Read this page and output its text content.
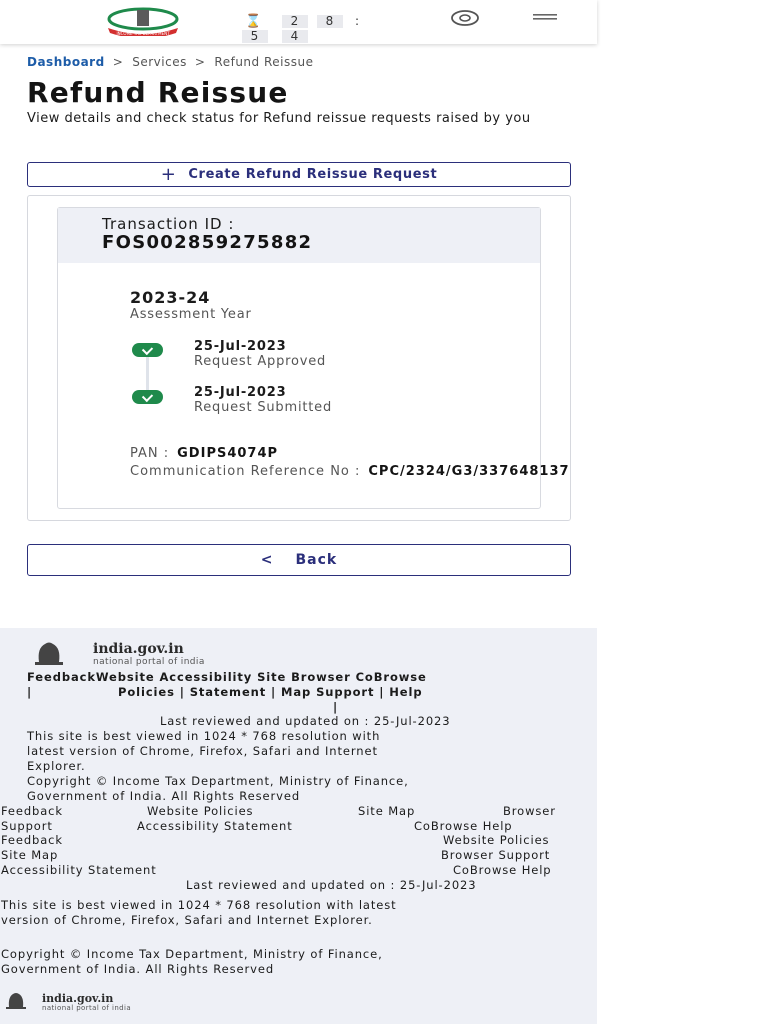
INCOME TAX DEPARTMENT
⌛	2	8	:
5	4
Dashboard > Services > Refund Reissue
Refund Reissue
View details and check status for Refund reissue requests raised by you
+ Create Refund Reissue Request
Transaction ID :
FOS002859275882
2023-24
Assessment Year
25-Jul-2023
Request Approved
25-Jul-2023
Request Submitted
PAN : GDIPS4074P
Communication Reference No : CPC/2324/G3/337648137
< Back
india.gov.in
national portal of india
FeedbackWebsite Accessibility Site Browser CoBrowse
|	Policies | Statement | Map Support | Help
|
Last reviewed and updated on : 25-Jul-2023
This site is best viewed in 1024 * 768 resolution with
latest version of Chrome, Firefox, Safari and Internet
Explorer.
Copyright © Income Tax Department, Ministry of Finance,
Government of India. All Rights Reserved
Feedback	Website Policies	Site Map	Browser
Support	Accessibility Statement	CoBrowse Help
Feedback	Website Policies
Site Map	Browser Support
Accessibility Statement	CoBrowse Help
Last reviewed and updated on : 25-Jul-2023
This site is best viewed in 1024 * 768 resolution with latest
version of Chrome, Firefox, Safari and Internet Explorer.
Copyright © Income Tax Department, Ministry of Finance,
Government of India. All Rights Reserved
india.gov.in
national portal of india
